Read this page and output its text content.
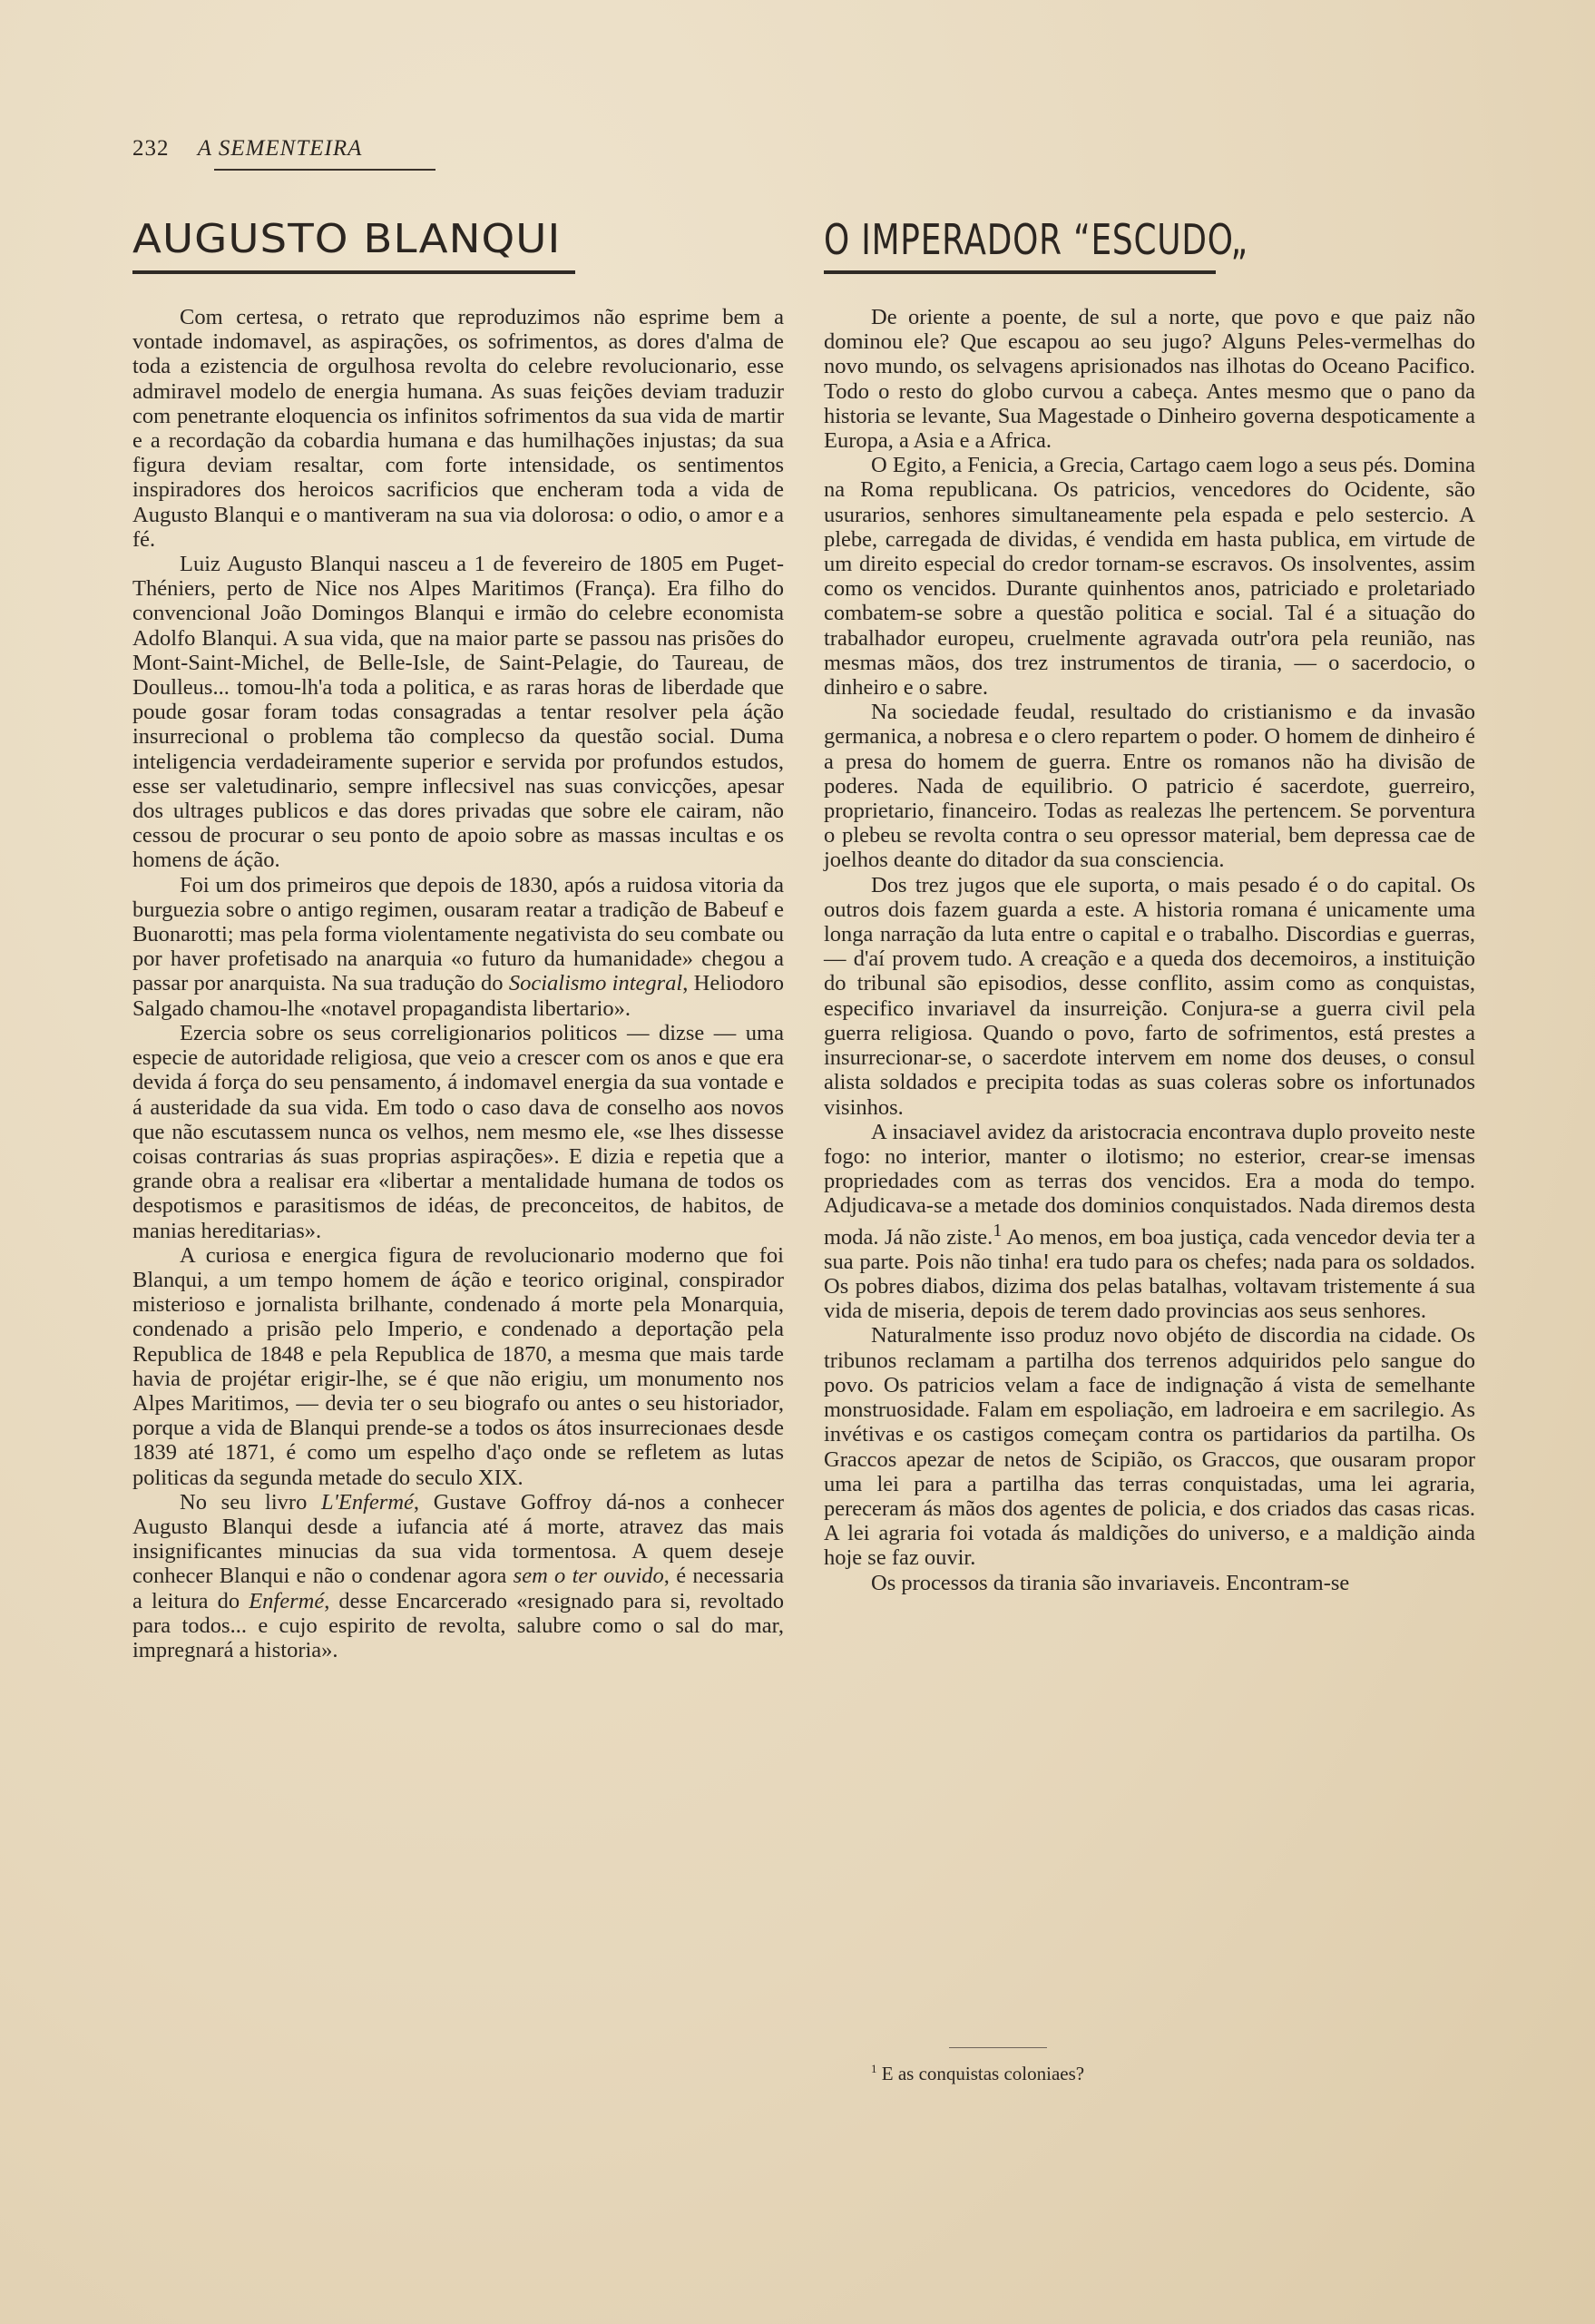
232 A SEMENTEIRA
AUGUSTO BLANQUI

Com certesa, o retrato que reproduzimos não esprime bem a vontade indomavel, as aspirações, os sofrimentos, as dores d'alma de toda a ezistencia de orgulhosa revolta do celebre revolucionario, esse admiravel modelo de energia humana. As suas feições deviam traduzir com penetrante eloquencia os infinitos sofrimentos da sua vida de martir e a recordação da cobardia humana e das humilhações injustas; da sua figura deviam resaltar, com forte intensidade, os sentimentos inspiradores dos heroicos sacrificios que encheram toda a vida de Augusto Blanqui e o mantiveram na sua via dolorosa: o odio, o amor e a fé.

Luiz Augusto Blanqui nasceu a 1 de fevereiro de 1805 em Puget-Théniers, perto de Nice nos Alpes Maritimos (França). Era filho do convencional João Domingos Blanqui e irmão do celebre economista Adolfo Blanqui. A sua vida, que na maior parte se passou nas prisões do Mont-Saint-Michel, de Belle-Isle, de Saint-Pelagie, do Taureau, de Doulleus... tomou-lh'a toda a politica, e as raras horas de liberdade que poude gosar foram todas consagradas a tentar resolver pela áção insurrecional o problema tão complecso da questão social. Duma inteligencia verdadeiramente superior e servida por profundos estudos, esse ser valetudinario, sempre inflecsivel nas suas convicções, apesar dos ultrages publicos e das dores privadas que sobre ele cairam, não cessou de procurar o seu ponto de apoio sobre as massas incultas e os homens de áção.

Foi um dos primeiros que depois de 1830, após a ruidosa vitoria da burguezia sobre o antigo regimen, ousaram reatar a tradição de Babeuf e Buonarotti; mas pela forma violentamente negativista do seu combate ou por haver profetisado na anarquia «o futuro da humanidade» chegou a passar por anarquista. Na sua tradução do Socialismo integral, Heliodoro Salgado chamou-lhe «notavel propagandista libertario».

Ezercia sobre os seus correligionarios politicos — dizse — uma especie de autoridade religiosa, que veio a crescer com os anos e que era devida á força do seu pensamento, á indomavel energia da sua vontade e á austeridade da sua vida. Em todo o caso dava de conselho aos novos que não escutassem nunca os velhos, nem mesmo ele, «se lhes dissesse coisas contrarias ás suas proprias aspirações». E dizia e repetia que a grande obra a realisar era «libertar a mentalidade humana de todos os despotismos e parasitismos de idéas, de preconceitos, de habitos, de manias hereditarias».

A curiosa e energica figura de revolucionario moderno que foi Blanqui, a um tempo homem de áção e teorico original, conspirador misterioso e jornalista brilhante, condenado á morte pela Monarquia, condenado a prisão pelo Imperio, e condenado a deportação pela Republica de 1848 e pela Republica de 1870, a mesma que mais tarde havia de projétar erigir-lhe, se é que não erigiu, um monumento nos Alpes Maritimos, — devia ter o seu biografo ou antes o seu historiador, porque a vida de Blanqui prende-se a todos os átos insurrecionaes desde 1839 até 1871, é como um espelho d'aço onde se refletem as lutas politicas da segunda metade do seculo XIX.

No seu livro L'Enfermé, Gustave Goffroy dá-nos a conhecer Augusto Blanqui desde a iufancia até á morte, atravez das mais insignificantes minucias da sua vida tormentosa. A quem deseje conhecer Blanqui e não o condenar agora sem o ter ouvido, é necessaria a leitura do Enfermé, desse Encarcerado «resignado para si, revoltado para todos... e cujo espirito de revolta, salubre como o sal do mar, impregnará a historia».

O IMPERADOR “ESCUDO„

De oriente a poente, de sul a norte, que povo e que paiz não dominou ele? Que escapou ao seu jugo? Alguns Peles-vermelhas do novo mundo, os selvagens aprisionados nas ilhotas do Oceano Pacifico. Todo o resto do globo curvou a cabeça. Antes mesmo que o pano da historia se levante, Sua Magestade o Dinheiro governa despoticamente a Europa, a Asia e a Africa.

O Egito, a Fenicia, a Grecia, Cartago caem logo a seus pés. Domina na Roma republicana. Os patricios, vencedores do Ocidente, são usurarios, senhores simultaneamente pela espada e pelo sestercio. A plebe, carregada de dividas, é vendida em hasta publica, em virtude de um direito especial do credor tornam-se escravos. Os insolventes, assim como os vencidos. Durante quinhentos anos, patriciado e proletariado combatem-se sobre a questão politica e social. Tal é a situação do trabalhador europeu, cruelmente agravada outr'ora pela reunião, nas mesmas mãos, dos trez instrumentos de tirania, — o sacerdocio, o dinheiro e o sabre.

Na sociedade feudal, resultado do cristianismo e da invasão germanica, a nobresa e o clero repartem o poder. O homem de dinheiro é a presa do homem de guerra. Entre os romanos não ha divisão de poderes. Nada de equilibrio. O patricio é sacerdote, guerreiro, proprietario, financeiro. Todas as realezas lhe pertencem. Se porventura o plebeu se revolta contra o seu opressor material, bem depressa cae de joelhos deante do ditador da sua consciencia.

Dos trez jugos que ele suporta, o mais pesado é o do capital. Os outros dois fazem guarda a este. A historia romana é unicamente uma longa narração da luta entre o capital e o trabalho. Discordias e guerras, — d'aí provem tudo. A creação e a queda dos decemoiros, a instituição do tribunal são episodios, desse conflito, assim como as conquistas, especifico invariavel da insurreição. Conjura-se a guerra civil pela guerra religiosa. Quando o povo, farto de sofrimentos, está prestes a insurrecionar-se, o sacerdote intervem em nome dos deuses, o consul alista soldados e precipita todas as suas coleras sobre os infortunados visinhos.

A insaciavel avidez da aristocracia encontrava duplo proveito neste fogo: no interior, manter o ilotismo; no esterior, crear-se imensas propriedades com as terras dos vencidos. Era a moda do tempo. Adjudicava-se a metade dos dominios conquistados. Nada diremos desta moda. Já não ziste.$^1$ Ao menos, em boa justiça, cada vencedor devia ter a sua parte. Pois não tinha! era tudo para os chefes; nada para os soldados. Os pobres diabos, dizima dos pelas batalhas, voltavam tristemente á sua vida de miseria, depois de terem dado provincias aos seus senhores.

Naturalmente isso produz novo objéto de discordia na cidade. Os tribunos reclamam a partilha dos terrenos adquiridos pelo sangue do povo. Os patricios velam a face de indignação á vista de semelhante monstruosidade. Falam em espoliação, em ladroeira e em sacrilegio. As invétivas e os castigos começam contra os partidarios da partilha. Os Graccos apezar de netos de Scipião, os Graccos, que ousaram propor uma lei para a partilha das terras conquistadas, uma lei agraria, pereceram ás mãos dos agentes de policia, e dos criados das casas ricas. A lei agraria foi votada ás maldições do universo, e a maldição ainda hoje se faz ouvir.

Os processos da tirania são invariaveis. Encontram-se

$^1$ E as conquistas coloniaes?
